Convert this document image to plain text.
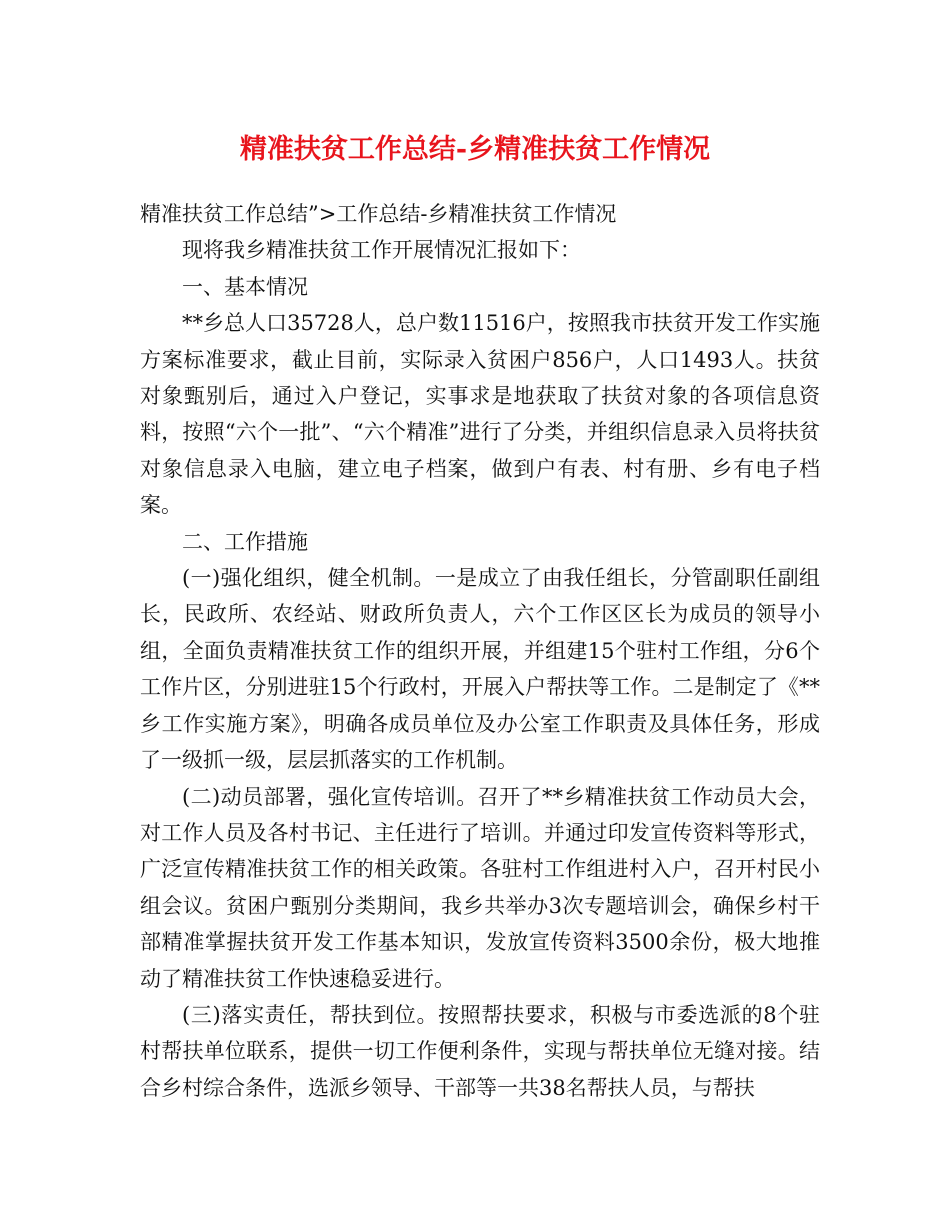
精准扶贫工作总结-乡精准扶贫工作情况

精准扶贫工作总结”>工作总结-乡精准扶贫工作情况

现将我乡精准扶贫工作开展情况汇报如下：

一、基本情况

**乡总人口35728人，总户数11516户，按照我市扶贫开发工作实施方案标准要求，截止目前，实际录入贫困户856户，人口1493人。扶贫对象甄别后，通过入户登记，实事求是地获取了扶贫对象的各项信息资料，按照“六个一批”、“六个精准”进行了分类，并组织信息录入员将扶贫对象信息录入电脑，建立电子档案，做到户有表、村有册、乡有电子档案。

二、工作措施

(一)强化组织，健全机制。一是成立了由我任组长，分管副职任副组长，民政所、农经站、财政所负责人，六个工作区区长为成员的领导小组，全面负责精准扶贫工作的组织开展，并组建15个驻村工作组，分6个工作片区，分别进驻15个行政村，开展入户帮扶等工作。二是制定了《**乡工作实施方案》，明确各成员单位及办公室工作职责及具体任务，形成了一级抓一级，层层抓落实的工作机制。

(二)动员部署，强化宣传培训。召开了**乡精准扶贫工作动员大会，对工作人员及各村书记、主任进行了培训。并通过印发宣传资料等形式，广泛宣传精准扶贫工作的相关政策。各驻村工作组进村入户，召开村民小组会议。贫困户甄别分类期间，我乡共举办3次专题培训会，确保乡村干部精准掌握扶贫开发工作基本知识，发放宣传资料3500余份，极大地推动了精准扶贫工作快速稳妥进行。

(三)落实责任，帮扶到位。按照帮扶要求，积极与市委选派的8个驻村帮扶单位联系，提供一切工作便利条件，实现与帮扶单位无缝对接。结合乡村综合条件，选派乡领导、干部等一共38名帮扶人员，与帮扶
